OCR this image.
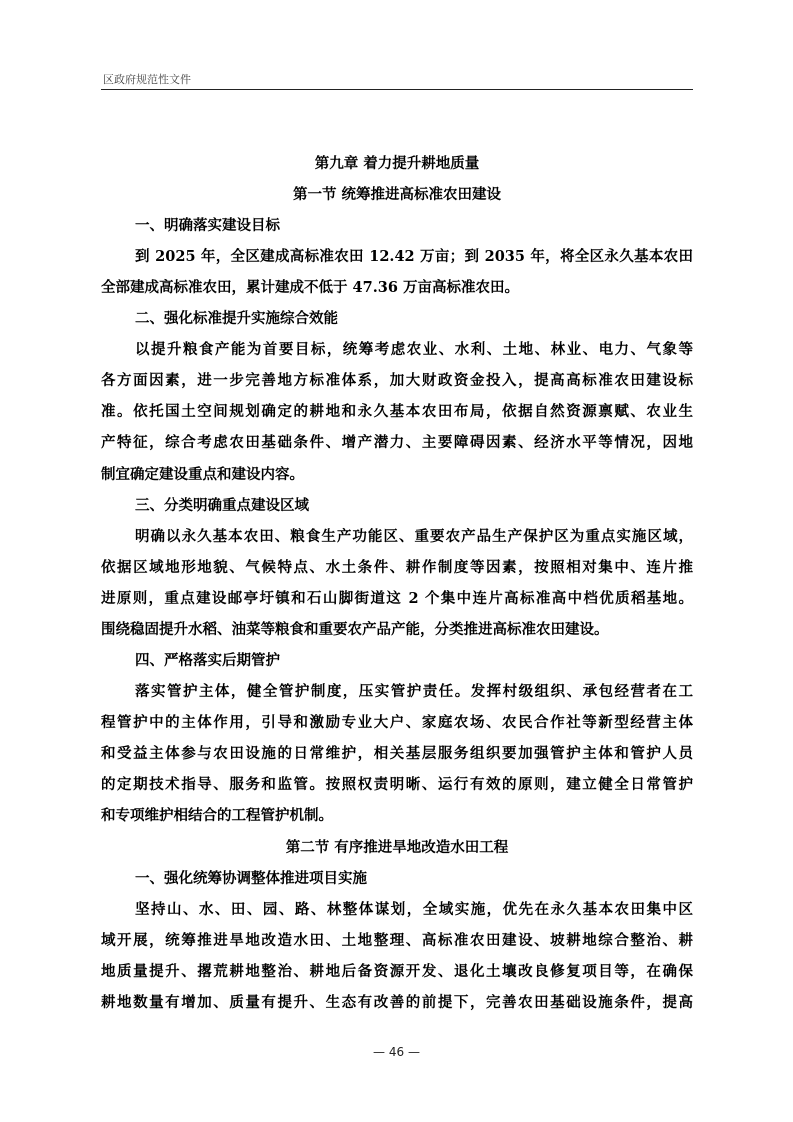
区政府规范性文件
第九章 着力提升耕地质量
第一节 统筹推进高标准农田建设
一、明确落实建设目标

到 2025 年，全区建成高标准农田 12.42 万亩；到 2035 年，将全区永久基本农田
全部建成高标准农田，累计建成不低于 47.36 万亩高标准农田。

二、强化标准提升实施综合效能

以提升粮食产能为首要目标，统筹考虑农业、水利、土地、林业、电力、气象等
各方面因素，进一步完善地方标准体系，加大财政资金投入，提高高标准农田建设标
准。依托国土空间规划确定的耕地和永久基本农田布局，依据自然资源禀赋、农业生
产特征，综合考虑农田基础条件、增产潜力、主要障碍因素、经济水平等情况，因地
制宜确定建设重点和建设内容。

三、分类明确重点建设区域

明确以永久基本农田、粮食生产功能区、重要农产品生产保护区为重点实施区域，
依据区域地形地貌、气候特点、水土条件、耕作制度等因素，按照相对集中、连片推
进原则，重点建设邮亭圩镇和石山脚街道这 2 个集中连片高标准高中档优质稻基地。
围绕稳固提升水稻、油菜等粮食和重要农产品产能，分类推进高标准农田建设。

四、严格落实后期管护

落实管护主体，健全管护制度，压实管护责任。发挥村级组织、承包经营者在工
程管护中的主体作用，引导和激励专业大户、家庭农场、农民合作社等新型经营主体
和受益主体参与农田设施的日常维护，相关基层服务组织要加强管护主体和管护人员
的定期技术指导、服务和监管。按照权责明晰、运行有效的原则，建立健全日常管护
和专项维护相结合的工程管护机制。

第二节 有序推进旱地改造水田工程
一、强化统筹协调整体推进项目实施

坚持山、水、田、园、路、林整体谋划，全域实施，优先在永久基本农田集中区
域开展，统筹推进旱地改造水田、土地整理、高标准农田建设、坡耕地综合整治、耕
地质量提升、撂荒耕地整治、耕地后备资源开发、退化土壤改良修复项目等，在确保
耕地数量有增加、质量有提升、生态有改善的前提下，完善农田基础设施条件，提高

— 46 —
